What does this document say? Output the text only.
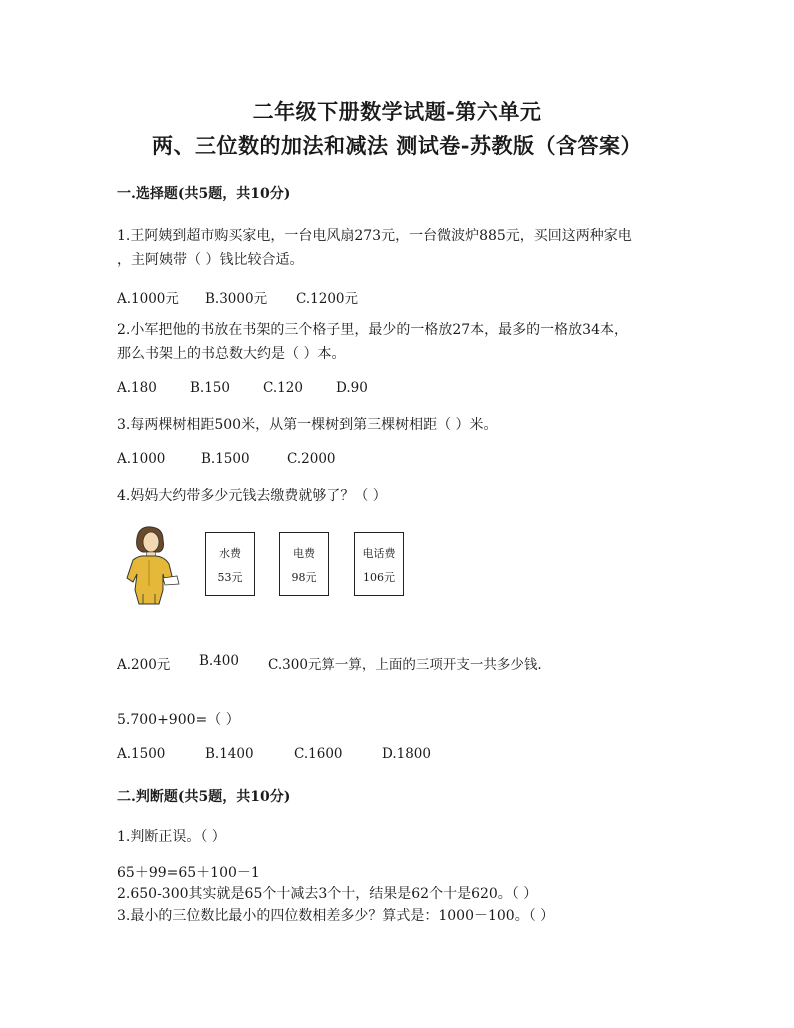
二年级下册数学试题-第六单元
两、三位数的加法和减法 测试卷-苏教版（含答案）
一.选择题(共5题，共10分)
1.王阿姨到超市购买家电，一台电风扇273元，一台微波炉885元，买回这两种家电
，主阿姨带（ ）钱比较合适。
A.1000元 B.3000元 C.1200元
2.小军把他的书放在书架的三个格子里，最少的一格放27本，最多的一格放34本，
那么书架上的书总数大约是（ ）本。
A.180 B.150 C.120 D.90
3.每两棵树相距500米，从第一棵树到第三棵树相距（ ）米。
A.1000	B.1500	C.2000
4.妈妈大约带多少元钱去缴费就够了？（ ）
水费
53元
电费
98元
电话费
106元
A.200元 B.400 C.300元算一算，上面的三项开支一共多少钱.
5.700+900=（ ）
A.1500	B.1400	C.1600	D.1800
二.判断题(共5题，共10分)
1.判断正误。（ ）
65＋99=65＋100－1
2.650-300其实就是65个十减去3个十，结果是62个十是620。（ ）
3.最小的三位数比最小的四位数相差多少？算式是：1000－100。（ ）
